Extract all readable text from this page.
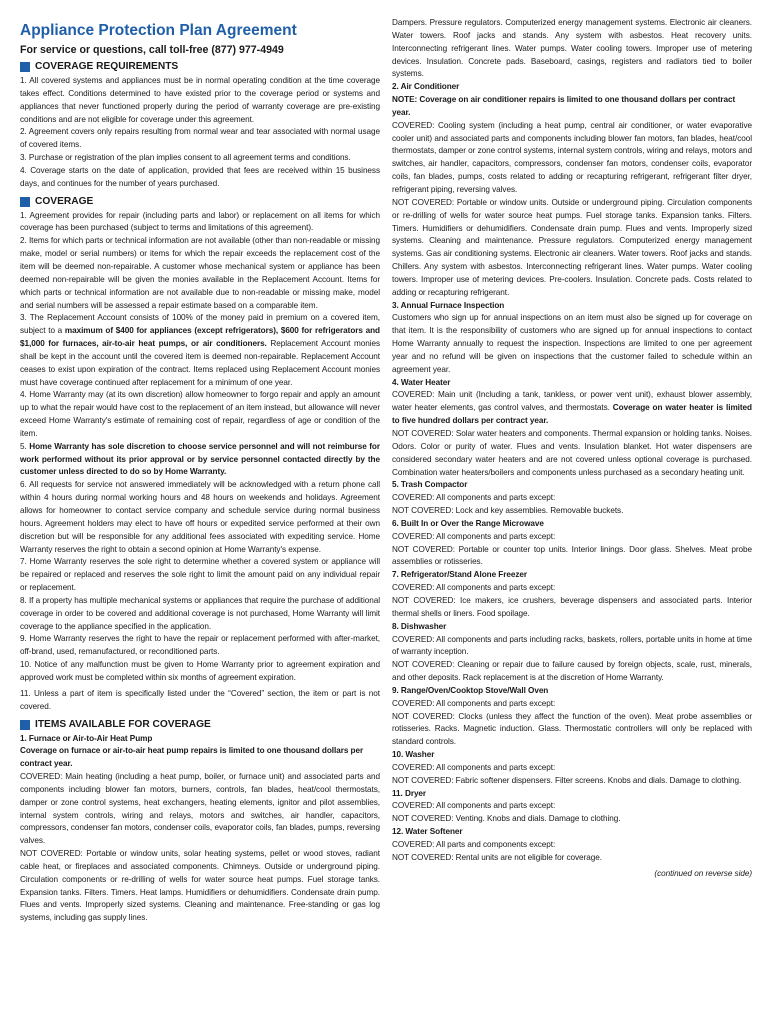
Appliance Protection Plan Agreement
For service or questions, call toll-free (877) 977-4949
COVERAGE REQUIREMENTS

1. All covered systems and appliances must be in normal operating condition at the time coverage takes effect. Conditions determined to have existed prior to the coverage period or systems and appliances that never functioned properly during the period of warranty coverage are pre-existing conditions and are not eligible for coverage under this agreement.

2. Agreement covers only repairs resulting from normal wear and tear associated with normal usage of covered items.

3. Purchase or registration of the plan implies consent to all agreement terms and conditions.

4. Coverage starts on the date of application, provided that fees are received within 15 business days, and continues for the number of years purchased.

COVERAGE

1. Agreement provides for repair (including parts and labor) or replacement on all items for which coverage has been purchased (subject to terms and limitations of this agreement).

2. Items for which parts or technical information are not available (other than non-readable or missing make, model or serial numbers) or items for which the repair exceeds the replacement cost of the item will be deemed non-repairable. A customer whose mechanical system or appliance has been deemed non-repairable will be given the monies available in the Replacement Account. Items for which parts or technical information are not available due to non-readable or missing make, model and serial numbers will be assessed a repair estimate based on a comparable item.

3. The Replacement Account consists of 100% of the money paid in premium on a covered item, subject to a maximum of $400 for appliances (except refrigerators), $600 for refrigerators and $1,000 for furnaces, air-to-air heat pumps, or air conditioners. Replacement Account monies shall be kept in the account until the covered item is deemed non-repairable. Replacement Account ceases to exist upon expiration of the contract. Items replaced using Replacement Account monies must have coverage continued after replacement for a minimum of one year.

4. Home Warranty may (at its own discretion) allow homeowner to forgo repair and apply an amount up to what the repair would have cost to the replacement of an item instead, but allowance will never exceed Home Warranty's estimate of remaining cost of repair, regardless of age or condition of the item.

5. Home Warranty has sole discretion to choose service personnel and will not reimburse for work performed without its prior approval or by service personnel contacted directly by the customer unless directed to do so by Home Warranty.

6. All requests for service not answered immediately will be acknowledged with a return phone call within 4 hours during normal working hours and 48 hours on weekends and holidays. Agreement allows for homeowner to contact service company and schedule service during normal business hours. Agreement holders may elect to have off hours or expedited service performed at their own discretion but will be responsible for any additional fees associated with expediting service. Home Warranty reserves the right to obtain a second opinion at Home Warranty's expense.

7. Home Warranty reserves the sole right to determine whether a covered system or appliance will be repaired or replaced and reserves the sole right to limit the amount paid on any individual repair or replacement.

8. If a property has multiple mechanical systems or appliances that require the purchase of additional coverage in order to be covered and additional coverage is not purchased, Home Warranty will limit coverage to the appliance specified in the application.

9. Home Warranty reserves the right to have the repair or replacement performed with after-market, off-brand, used, remanufactured, or reconditioned parts.

10. Notice of any malfunction must be given to Home Warranty prior to agreement expiration and approved work must be completed within six months of agreement expiration.

11. Unless a part of item is specifically listed under the “Covered” section, the item or part is not covered.

ITEMS AVAILABLE FOR COVERAGE

1. Furnace or Air-to-Air Heat Pump

Coverage on furnace or air-to-air heat pump repairs is limited to one thousand dollars per contract year.

COVERED: Main heating (including a heat pump, boiler, or furnace unit) and associated parts and components including blower fan motors, burners, controls, fan blades, heat/cool thermostats, damper or zone control systems, heat exchangers, heating elements, ignitor and pilot assemblies, internal system controls, wiring and relays, motors and switches, air handler, capacitors, compressors, condenser fan motors, condenser coils, evaporator coils, fan blades, pumps, reversing valves.

NOT COVERED: Portable or window units, solar heating systems, pellet or wood stoves, radiant cable heat, or fireplaces and associated components. Chimneys. Outside or underground piping. Circulation components or re-drilling of wells for water source heat pumps. Fuel storage tanks. Expansion tanks. Filters. Timers. Heat lamps. Humidifiers or dehumidifiers. Condensate drain pump. Flues and vents. Improperly sized systems. Cleaning and maintenance. Free-standing or gas log systems, including gas supply lines.

Dampers. Pressure regulators. Computerized energy management systems. Electronic air cleaners. Water towers. Roof jacks and stands. Any system with asbestos. Heat recovery units. Interconnecting refrigerant lines. Water pumps. Water cooling towers. Improper use of metering devices. Insulation. Concrete pads. Baseboard, casings, registers and radiators tied to boiler systems.

2. Air Conditioner

NOTE: Coverage on air conditioner repairs is limited to one thousand dollars per contract year.

COVERED: Cooling system (including a heat pump, central air conditioner, or water evaporative cooler unit) and associated parts and components including blower fan motors, fan blades, heat/cool thermostats, damper or zone control systems, internal system controls, wiring and relays, motors and switches, air handler, capacitors, compressors, condenser fan motors, condenser coils, evaporator coils, fan blades, pumps, costs related to adding or recapturing refrigerant, refrigerant filter dryer, refrigerant piping, reversing valves.

NOT COVERED: Portable or window units. Outside or underground piping. Circulation components or re-drilling of wells for water source heat pumps. Fuel storage tanks. Expansion tanks. Filters. Timers. Humidifiers or dehumidifiers. Condensate drain pump. Flues and vents. Improperly sized systems. Cleaning and maintenance. Pressure regulators. Computerized energy management systems. Gas air conditioning systems. Electronic air cleaners. Water towers. Roof jacks and stands. Chillers. Any system with asbestos. Interconnecting refrigerant lines. Water pumps. Water cooling towers. Improper use of metering devices. Pre-coolers. Insulation. Concrete pads. Costs related to adding or recapturing refrigerant.

3. Annual Furnace Inspection

Customers who sign up for annual inspections on an item must also be signed up for coverage on that item. It is the responsibility of customers who are signed up for annual inspections to contact Home Warranty annually to request the inspection. Inspections are limited to one per agreement year and no refund will be given on inspections that the customer failed to schedule within an agreement year.

4. Water Heater

COVERED: Main unit (Including a tank, tankless, or power vent unit), exhaust blower assembly, water heater elements, gas control valves, and thermostats. Coverage on water heater is limited to five hundred dollars per contract year.

NOT COVERED: Solar water heaters and components. Thermal expansion or holding tanks. Noises. Odors. Color or purity of water. Flues and vents. Insulation blanket. Hot water dispensers are considered secondary water heaters and are not covered unless optional coverage is purchased. Combination water heaters/boilers and components unless purchased as a secondary heating unit.

5. Trash Compactor

COVERED: All components and parts except:

NOT COVERED: Lock and key assemblies. Removable buckets.

6. Built In or Over the Range Microwave

COVERED: All components and parts except:

NOT COVERED: Portable or counter top units. Interior linings. Door glass. Shelves. Meat probe assemblies or rotisseries.

7. Refrigerator/Stand Alone Freezer

COVERED: All components and parts except:

NOT COVERED: Ice makers, ice crushers, beverage dispensers and associated parts. Interior thermal shells or liners. Food spoilage.

8. Dishwasher

COVERED: All components and parts including racks, baskets, rollers, portable units in home at time of warranty inception.

NOT COVERED: Cleaning or repair due to failure caused by foreign objects, scale, rust, minerals, and other deposits. Rack replacement is at the discretion of Home Warranty.

9. Range/Oven/Cooktop Stove/Wall Oven

COVERED: All components and parts except:

NOT COVERED: Clocks (unless they affect the function of the oven). Meat probe assemblies or rotisseries. Racks. Magnetic induction. Glass. Thermostatic controllers will only be replaced with standard controls.

10. Washer

COVERED: All components and parts except:

NOT COVERED: Fabric softener dispensers. Filter screens. Knobs and dials. Damage to clothing.

11. Dryer

COVERED: All components and parts except:

NOT COVERED: Venting. Knobs and dials. Damage to clothing.

12. Water Softener

COVERED: All parts and components except:

NOT COVERED: Rental units are not eligible for coverage.

(continued on reverse side)
